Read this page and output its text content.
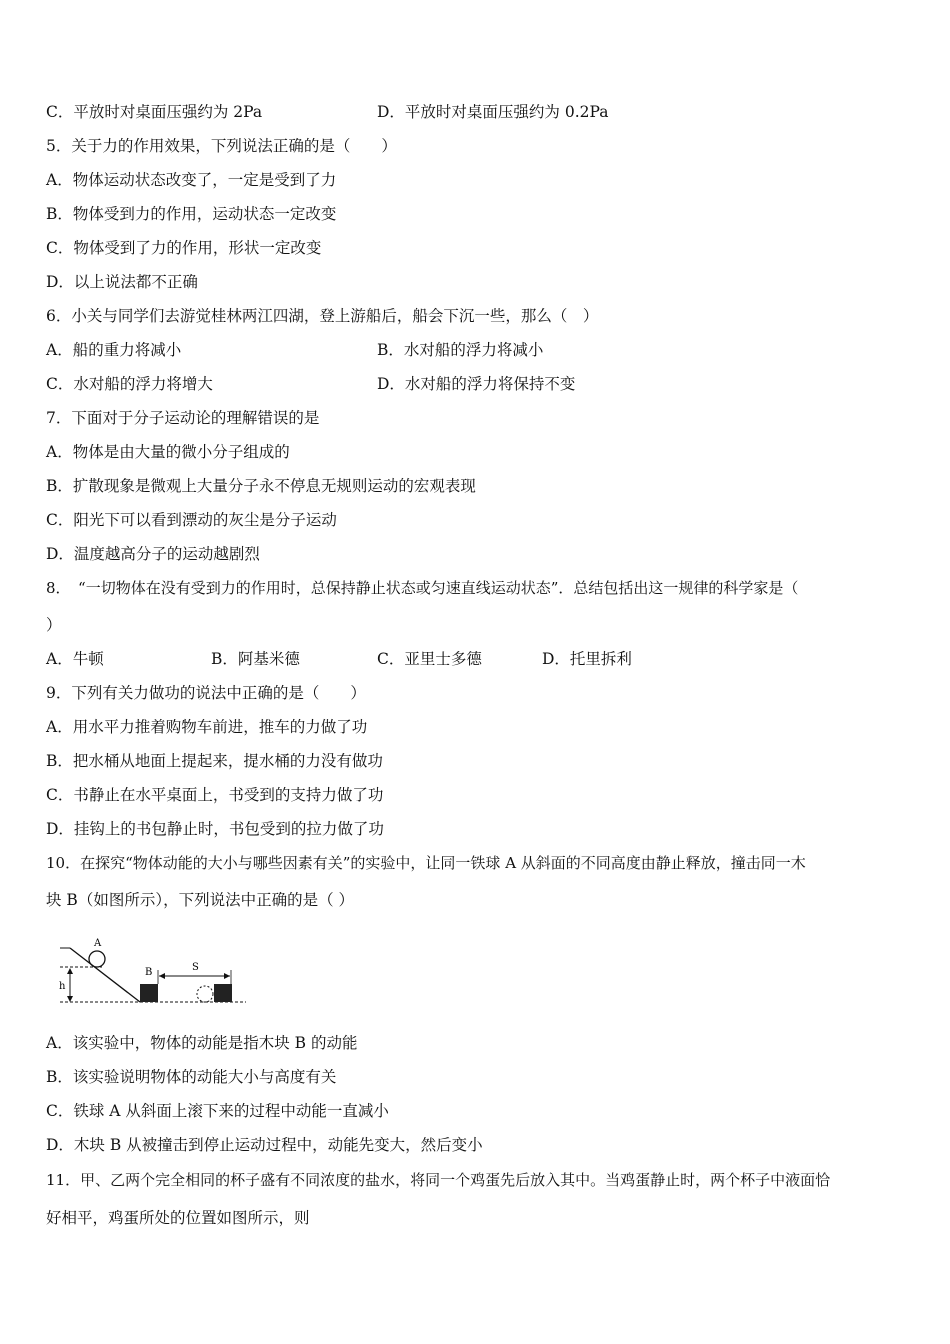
C．平放时对桌面压强约为 2Pa	D．平放时对桌面压强约为 0.2Pa
5．关于力的作用效果，下列说法正确的是（　　）
A．物体运动状态改变了，一定是受到了力
B．物体受到力的作用，运动状态一定改变
C．物体受到了力的作用，形状一定改变
D．以上说法都不正确
6．小关与同学们去游觉桂林两江四湖，登上游船后，船会下沉一些，那么（　）
A．船的重力将减小	B．水对船的浮力将减小
C．水对船的浮力将增大	D．水对船的浮力将保持不变
7．下面对于分子运动论的理解错误的是
A．物体是由大量的微小分子组成的
B．扩散现象是微观上大量分子永不停息无规则运动的宏观表现
C．阳光下可以看到漂动的灰尘是分子运动
D．温度越高分子的运动越剧烈
8．　“一切物体在没有受到力的作用时，总保持静止状态或匀速直线运动状态”．总结包括出这一规律的科学家是（
）
A．牛顿	B．阿基米德	C．亚里士多德	D．托里拆利
9．下列有关力做功的说法中正确的是（　　）
A．用水平力推着购物车前进，推车的力做了功
B．把水桶从地面上提起来，提水桶的力没有做功
C．书静止在水平桌面上，书受到的支持力做了功
D．挂钩上的书包静止时，书包受到的拉力做了功
10．在探究“物体动能的大小与哪些因素有关”的实验中，让同一铁球 A 从斜面的不同高度由静止释放，撞击同一木
块 B（如图所示），下列说法中正确的是（ ）
A
h
B	S
A．该实验中，物体的动能是指木块 B 的动能
B．该实验说明物体的动能大小与高度有关
C．铁球 A 从斜面上滚下来的过程中动能一直减小
D．木块 B 从被撞击到停止运动过程中，动能先变大，然后变小
11．甲、乙两个完全相同的杯子盛有不同浓度的盐水，将同一个鸡蛋先后放入其中。当鸡蛋静止时，两个杯子中液面恰
好相平，鸡蛋所处的位置如图所示，则
